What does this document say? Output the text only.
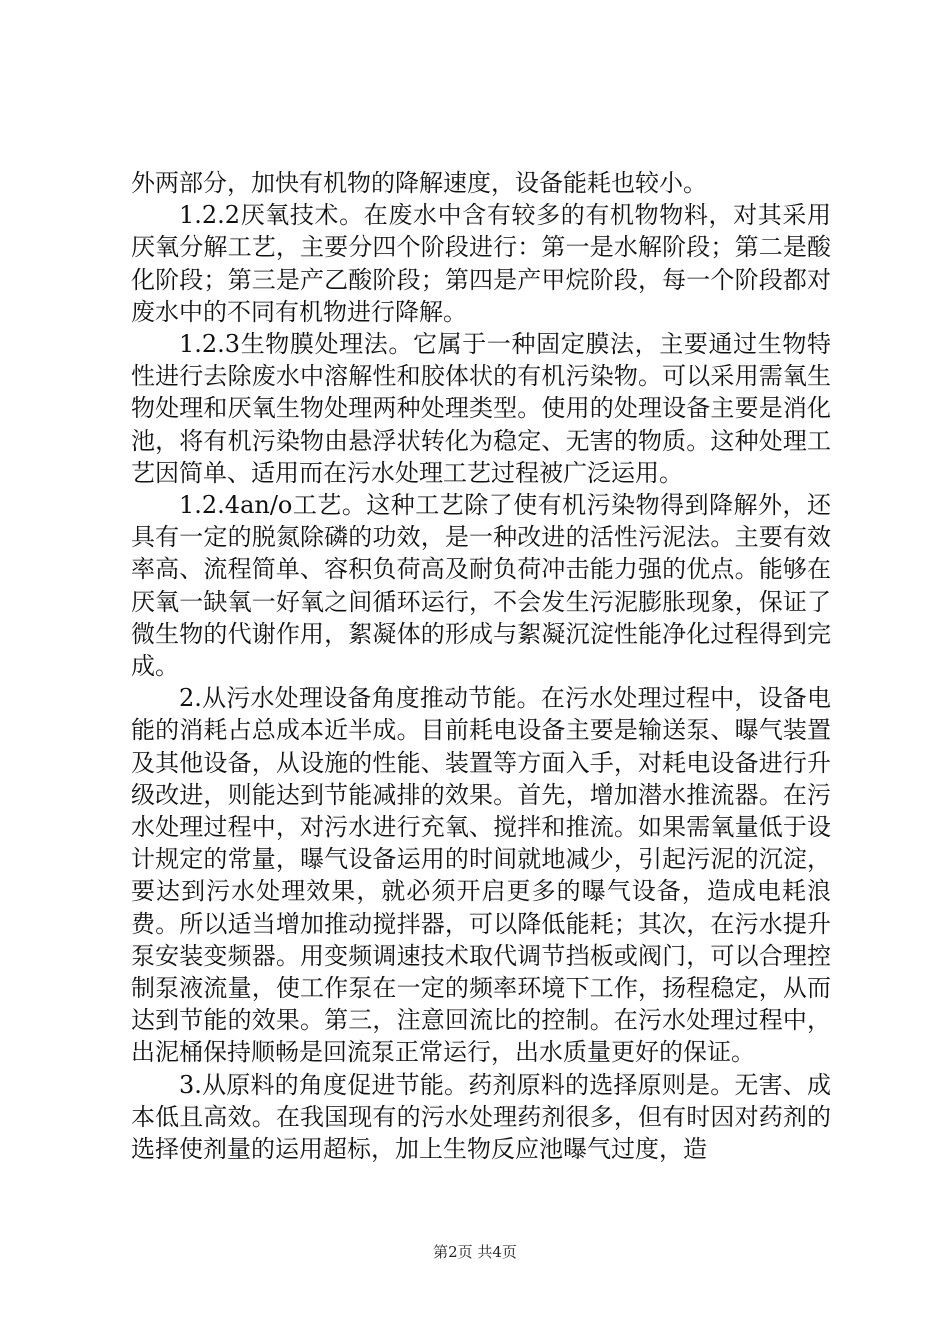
外两部分，加快有机物的降解速度，设备能耗也较小。

1.2.2厌氧技术。在废水中含有较多的有机物物料，对其采用厌氧分解工艺，主要分四个阶段进行：第一是水解阶段；第二是酸化阶段；第三是产乙酸阶段；第四是产甲烷阶段，每一个阶段都对废水中的不同有机物进行降解。

1.2.3生物膜处理法。它属于一种固定膜法，主要通过生物特性进行去除废水中溶解性和胶体状的有机污染物。可以采用需氧生物处理和厌氧生物处理两种处理类型。使用的处理设备主要是消化池，将有机污染物由悬浮状转化为稳定、无害的物质。这种处理工艺因简单、适用而在污水处理工艺过程被广泛运用。

1.2.4an/o工艺。这种工艺除了使有机污染物得到降解外，还具有一定的脱氮除磷的功效，是一种改进的活性污泥法。主要有效率高、流程简单、容积负荷高及耐负荷冲击能力强的优点。能够在厌氧一缺氧一好氧之间循环运行，不会发生污泥膨胀现象，保证了微生物的代谢作用，絮凝体的形成与絮凝沉淀性能净化过程得到完成。

2.从污水处理设备角度推动节能。在污水处理过程中，设备电能的消耗占总成本近半成。目前耗电设备主要是输送泵、曝气装置及其他设备，从设施的性能、装置等方面入手，对耗电设备进行升级改进，则能达到节能减排的效果。首先，增加潜水推流器。在污水处理过程中，对污水进行充氧、搅拌和推流。如果需氧量低于设计规定的常量，曝气设备运用的时间就地减少，引起污泥的沉淀，要达到污水处理效果，就必须开启更多的曝气设备，造成电耗浪费。所以适当增加推动搅拌器，可以降低能耗；其次，在污水提升泵安装变频器。用变频调速技术取代调节挡板或阀门，可以合理控制泵液流量，使工作泵在一定的频率环境下工作，扬程稳定，从而达到节能的效果。第三，注意回流比的控制。在污水处理过程中，出泥桶保持顺畅是回流泵正常运行，出水质量更好的保证。

3.从原料的角度促进节能。药剂原料的选择原则是。无害、成本低且高效。在我国现有的污水处理药剂很多，但有时因对药剂的选择使剂量的运用超标，加上生物反应池曝气过度，造

第2页 共4页
